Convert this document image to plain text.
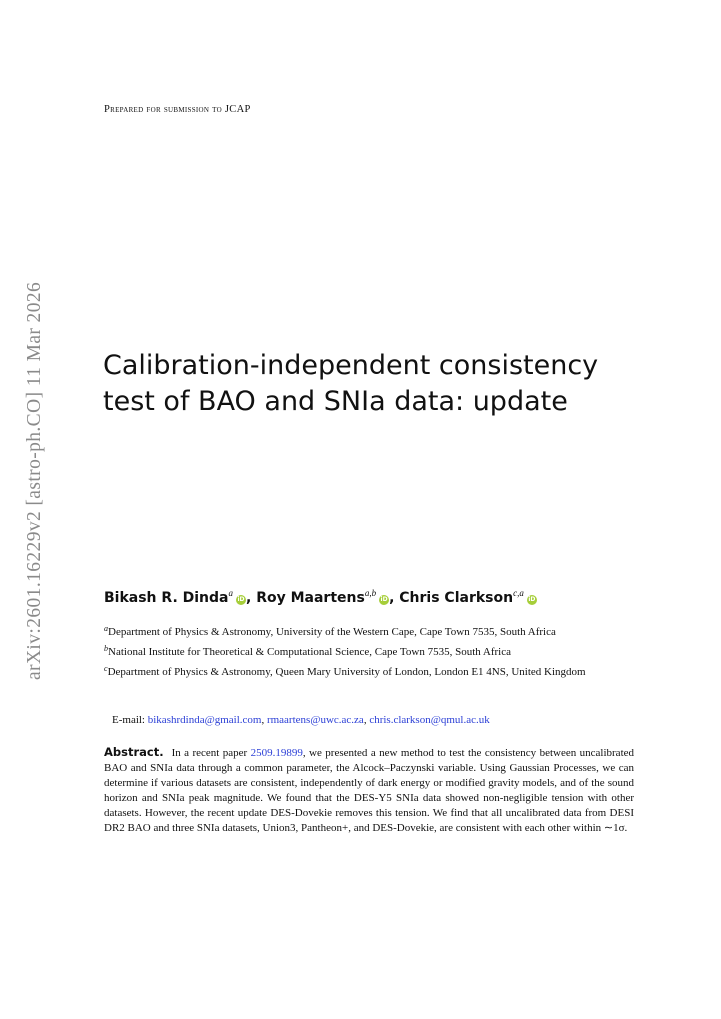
arXiv:2601.16229v2 [astro-ph.CO] 11 Mar 2026
Prepared for submission to JCAP
Calibration-independent consistency
test of BAO and SNIa data: update
Bikash R. Dinda$^a$iD, Roy Maartens$^{a,b}$iD, Chris Clarkson$^{c,a}$iD

$^a$Department of Physics & Astronomy, University of the Western Cape, Cape Town 7535, South Africa

$^b$National Institute for Theoretical & Computational Science, Cape Town 7535, South Africa

$^c$Department of Physics & Astronomy, Queen Mary University of London, London E1 4NS, United Kingdom

E-mail: bikashrdinda@gmail.com, rmaartens@uwc.ac.za, chris.clarkson@qmul.ac.uk
Abstract. In a recent paper 2509.19899, we presented a new method to test the consistency between uncalibrated BAO and SNIa data through a common parameter, the Alcock–Paczynski variable. Using Gaussian Processes, we can determine if various datasets are consistent, independently of dark energy or modified gravity models, and of the sound horizon and SNIa peak magnitude. We found that the DES-Y5 SNIa data showed non-negligible tension with other datasets. However, the recent update DES-Dovekie removes this tension. We find that all uncalibrated data from DESI DR2 BAO and three SNIa datasets, Union3, Pantheon+, and DES-Dovekie, are consistent with each other within ∼1σ.
